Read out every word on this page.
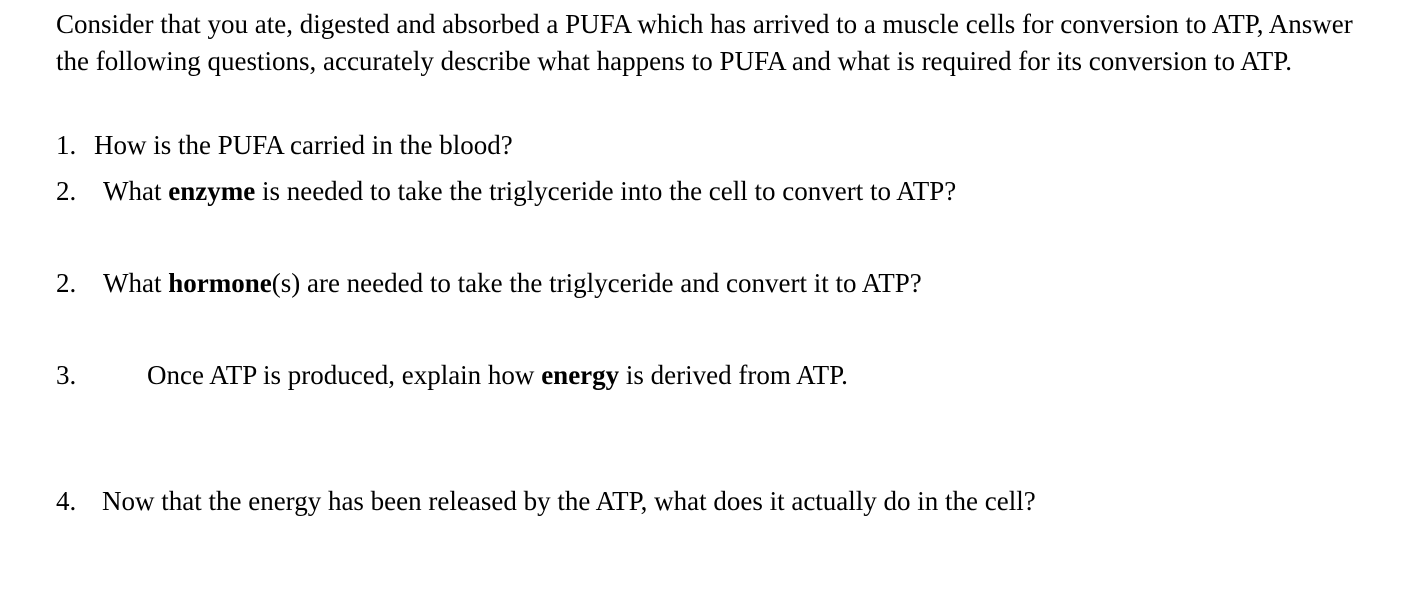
Consider that you ate, digested and absorbed a PUFA which has arrived to a muscle cells for conversion to ATP, Answer the following questions, accurately describe what happens to PUFA and what is required for its conversion to ATP.

1. How is the PUFA carried in the blood?

2. What enzyme is needed to take the triglyceride into the cell to convert to ATP?

2. What hormone(s) are needed to take the triglyceride and convert it to ATP?

3.	Once ATP is produced, explain how energy is derived from ATP.

4. Now that the energy has been released by the ATP, what does it actually do in the cell?
